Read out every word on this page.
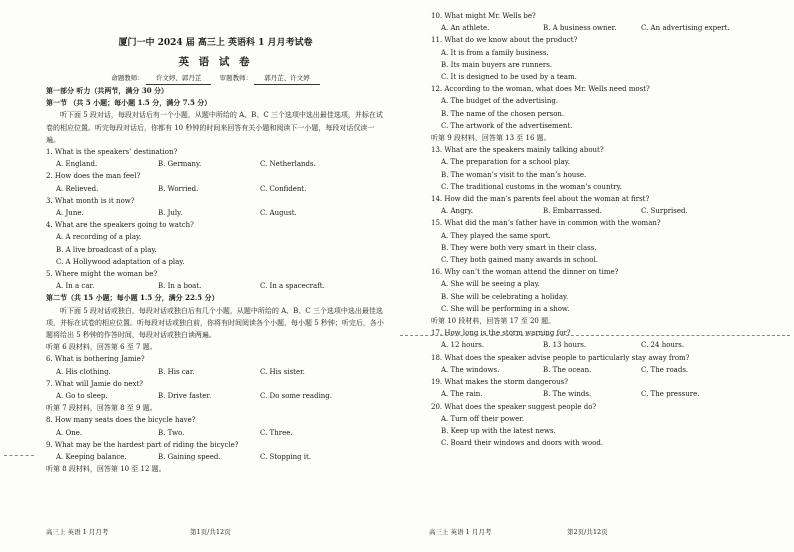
厦门一中 2024 届 高三上 英语科 1 月月考试卷
英 语 试 卷
命题教师： 许文婷、郭丹芷	审题教师： 郭丹芷、许文婷
第一部分 听力（共两节，满分 30 分）
第一节 （共 5 小题；每小题 1.5 分，满分 7.5 分）
听下面 5 段对话，每段对话后有一个小题，从题中所给的 A、B、C 三个选项中选出最佳选项，并标在试卷的相应位置。听完每段对话后，你都有 10 秒钟的时间来回答有关小题和阅读下一小题，每段对话仅读一遍。
1. What is the speakers’ destination?
A. England.	B. Germany.	C. Netherlands.
2. How does the man feel?
A. Relieved.	B. Worried.	C. Confident.
3. What month is it now?
A. June.	B. July.	C. August.
4. What are the speakers going to watch?
A. A recording of a play.
B. A live broadcast of a play.
C. A Hollywood adaptation of a play.
5. Where might the woman be?
A. In a car.	B. In a boat.	C. In a spacecraft.
第二节（共 15 小题；每小题 1.5 分，满分 22.5 分）
听下面 5 段对话或独白，每段对话或独白后有几个小题，从题中所给的 A、B、C 三个选项中选出最佳选项，并标在试卷的相应位置。听每段对话或独白前，你将有时间阅读各个小题，每小题 5 秒钟；听完后，各小题将给出 5 秒钟的作答时间，每段对话或独白读两遍。
听第 6 段材料，回答第 6 至 7 题。
6. What is bothering Jamie?
A. His clothing.	B. His car.	C. His sister.
7. What will Jamie do next?
A. Go to sleep.	B. Drive faster.	C. Do some reading.
听第 7 段材料，回答第 8 至 9 题。
8. How many seats does the bicycle have?
A. One.	B. Two.	C. Three.
9. What may be the hardest part of riding the bicycle?
A. Keeping balance.	B. Gaining speed.	C. Stopping it.
听第 8 段材料，回答第 10 至 12 题。
高三上 英语 1 月月考	第1页/共12页
10. What might Mr. Wells be?
A. An athlete.	B. A business owner.	C. An advertising expert.
11. What do we know about the product?
A. It is from a family business.
B. Its main buyers are runners.
C. It is designed to be used by a team.
12. According to the woman, what does Mr. Wells need most?
A. The budget of the advertising.
B. The name of the chosen person.
C. The artwork of the advertisement.
听第 9 段材料，回答第 13 至 16 题。
13. What are the speakers mainly talking about?
A. The preparation for a school play.
B. The woman’s visit to the man’s house.
C. The traditional customs in the woman’s country.
14. How did the man’s parents feel about the woman at first?
A. Angry.	B. Embarrassed.	C. Surprised.
15. What did the man’s father have in common with the woman?
A. They played the same sport.
B. They were both very smart in their class.
C. They both gained many awards in school.
16. Why can’t the woman attend the dinner on time?
A. She will be seeing a play.
B. She will be celebrating a holiday.
C. She will be performing in a show.
听第 10 段材料，回答第 17 至 20 题。
17. How long is the storm warning for?
A. 12 hours.	B. 13 hours.	C. 24 hours.
18. What does the speaker advise people to particularly stay away from?
A. The windows.	B. The ocean.	C. The roads.
19. What makes the storm dangerous?
A. The rain.	B. The winds.	C. The pressure.
20. What does the speaker suggest people do?
A. Turn off their power.
B. Keep up with the latest news.
C. Board their windows and doors with wood.
高三上 英语 1 月月考	第2页/共12页
